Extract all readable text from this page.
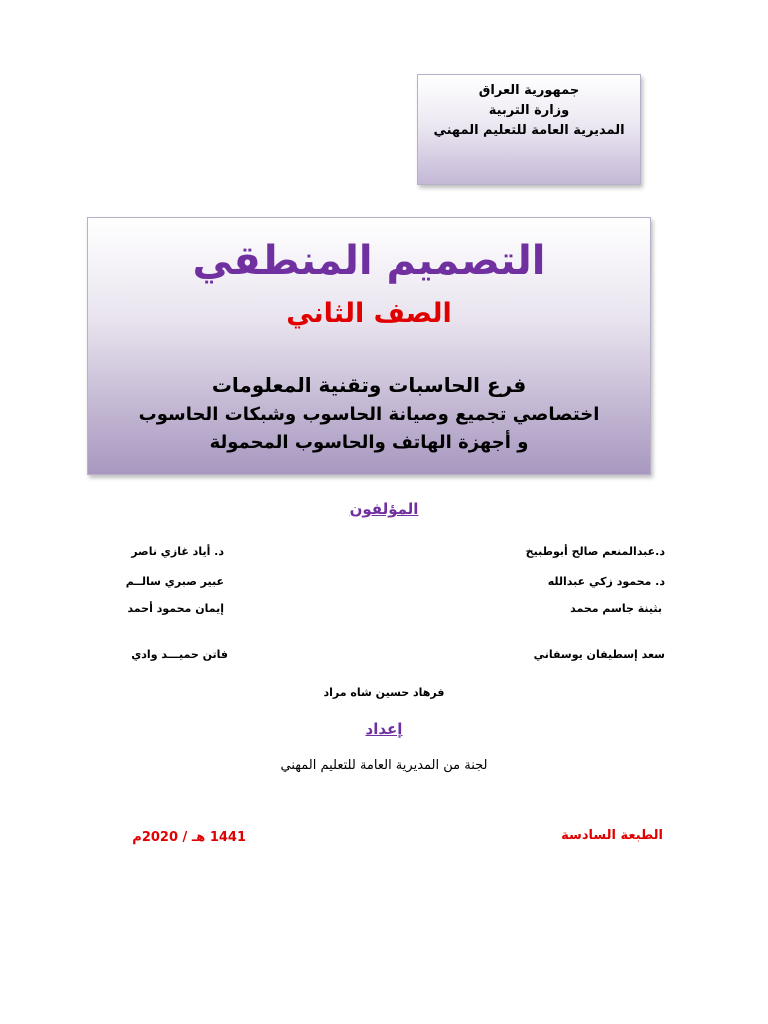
جمهورية العراق
وزارة التربية
المديرية العامة للتعليم المهني
التصميم المنطقي
الصف الثاني
فرع الحاسبات وتقنية المعلومات
اختصاصي تجميع وصيانة الحاسوب وشبكات الحاسوب
و أجهزة الهاتف والحاسوب المحمولة
المؤلفون
د.عبدالمنعم صالح أبوطبيخ
د. محمود زكي عبدالله
بثينة جاسم محمد
سعد إسطيفان يوسفاني
د. أياد غازي ناصر
عبير صبري سالــم
إيمان محمود أحمد
فاتن حميـــد وادي
فرهاد حسين شاه مراد
إعداد
لجنة من المديرية العامة للتعليم المهني
الطبعة السادسة
1441 هـ / 2020م
